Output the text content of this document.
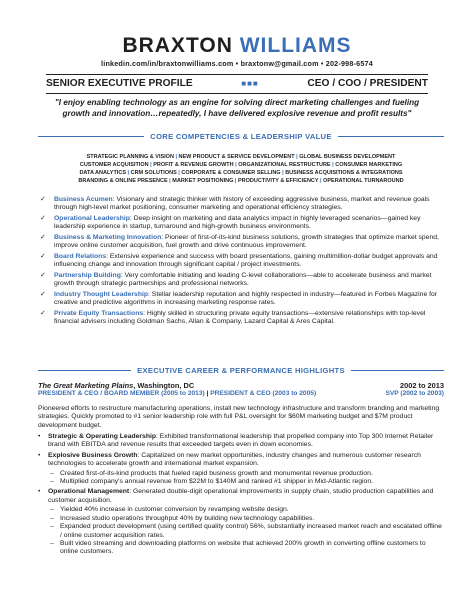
BRAXTON WILLIAMS
linkedin.com/in/braxtonwilliams.com • braxtonw@gmail.com • 202-998-6574
SENIOR EXECUTIVE PROFILE	■■■	CEO / COO / PRESIDENT
"I enjoy enabling technology as an engine for solving direct marketing challenges and fueling growth and innovation…repeatedly, I have delivered explosive revenue and profit results"
CORE COMPETENCIES & LEADERSHIP VALUE
STRATEGIC PLANNING & VISION | NEW PRODUCT & SERVICE DEVELOPMENT | GLOBAL BUSINESS DEVELOPMENT
CUSTOMER ACQUISITION | PROFIT & REVENUE GROWTH | ORGANIZATIONAL RESTRUCTURE | CONSUMER MARKETING
DATA ANALYTICS | CRM SOLUTIONS | CORPORATE & CONSUMER SELLING | BUSINESS ACQUISITIONS & INTEGRATIONS
BRANDING & ONLINE PRESENCE | MARKET POSITIONING | PRODUCTIVITY & EFFICIENCY | OPERATIONAL TURNAROUND
✓ Business Acumen: Visionary and strategic thinker with history of exceeding aggressive business, market and revenue goals through high-level market positioning, consumer marketing and operational efficiency strategies.
✓ Operational Leadership: Deep insight on marketing and data analytics impact in highly leveraged scenarios—gained key leadership experience in startup, turnaround and high-growth business environments.
✓ Business & Marketing Innovation: Pioneer of first-of-its-kind business solutions, growth strategies that optimize market spend, improve online customer acquisition, fuel growth and drive continuous improvement.
✓ Board Relations: Extensive experience and success with board presentations, gaining multimillion-dollar budget approvals and influencing change and innovation through significant capital / project investments.
✓ Partnership Building: Very comfortable initiating and leading C-level collaborations—able to accelerate business and market growth through strategic partnerships and professional networks.
✓ Industry Thought Leadership: Stellar leadership reputation and highly respected in industry—featured in Forbes Magazine for creative and predictive algorithms in increasing marketing response rates.
✓ Private Equity Transactions: Highly skilled in structuring private equity transactions—extensive relationships with top-level financial advisers including Goldman Sachs, Allan & Company, Lazard Capital & Ares Capital.
EXECUTIVE CAREER & PERFORMANCE HIGHLIGHTS
The Great Marketing Plains, Washington, DC	2002 to 2013
PRESIDENT & CEO / BOARD MEMBER (2005 to 2013) | PRESIDENT & CEO (2003 to 2005)	SVP (2002 to 2003)
Pioneered efforts to restructure manufacturing operations, install new technology infrastructure and transform branding and marketing strategies. Quickly promoted to #1 senior leadership role with full P&L oversight for $60M marketing budget and $7M product development budget.
• Strategic & Operating Leadership: Exhibited transformational leadership that propelled company into Top 300 Internet Retailer brand with EBITDA and revenue results that exceeded targets even in down economies.
• Explosive Business Growth: Capitalized on new market opportunities, industry changes and numerous customer research technologies to accelerate growth and international market expansion.
– Created first-of-its-kind products that fueled rapid business growth and monumental revenue production.
– Multiplied company's annual revenue from $22M to $140M and ranked #1 shipper in Mid-Atlantic region.
• Operational Management: Generated double-digit operational improvements in supply chain, studio production capabilities and customer acquisition.
– Yielded 40% increase in customer conversion by revamping website design.
– Increased studio operations throughput 40% by building new technology capabilities.
– Expanded product development (using certified quality control) 56%, substantially increased market reach and escalated offline / online customer acquisition rates.
– Built video streaming and downloading platforms on website that achieved 200% growth in converting offline customers to online customers.
